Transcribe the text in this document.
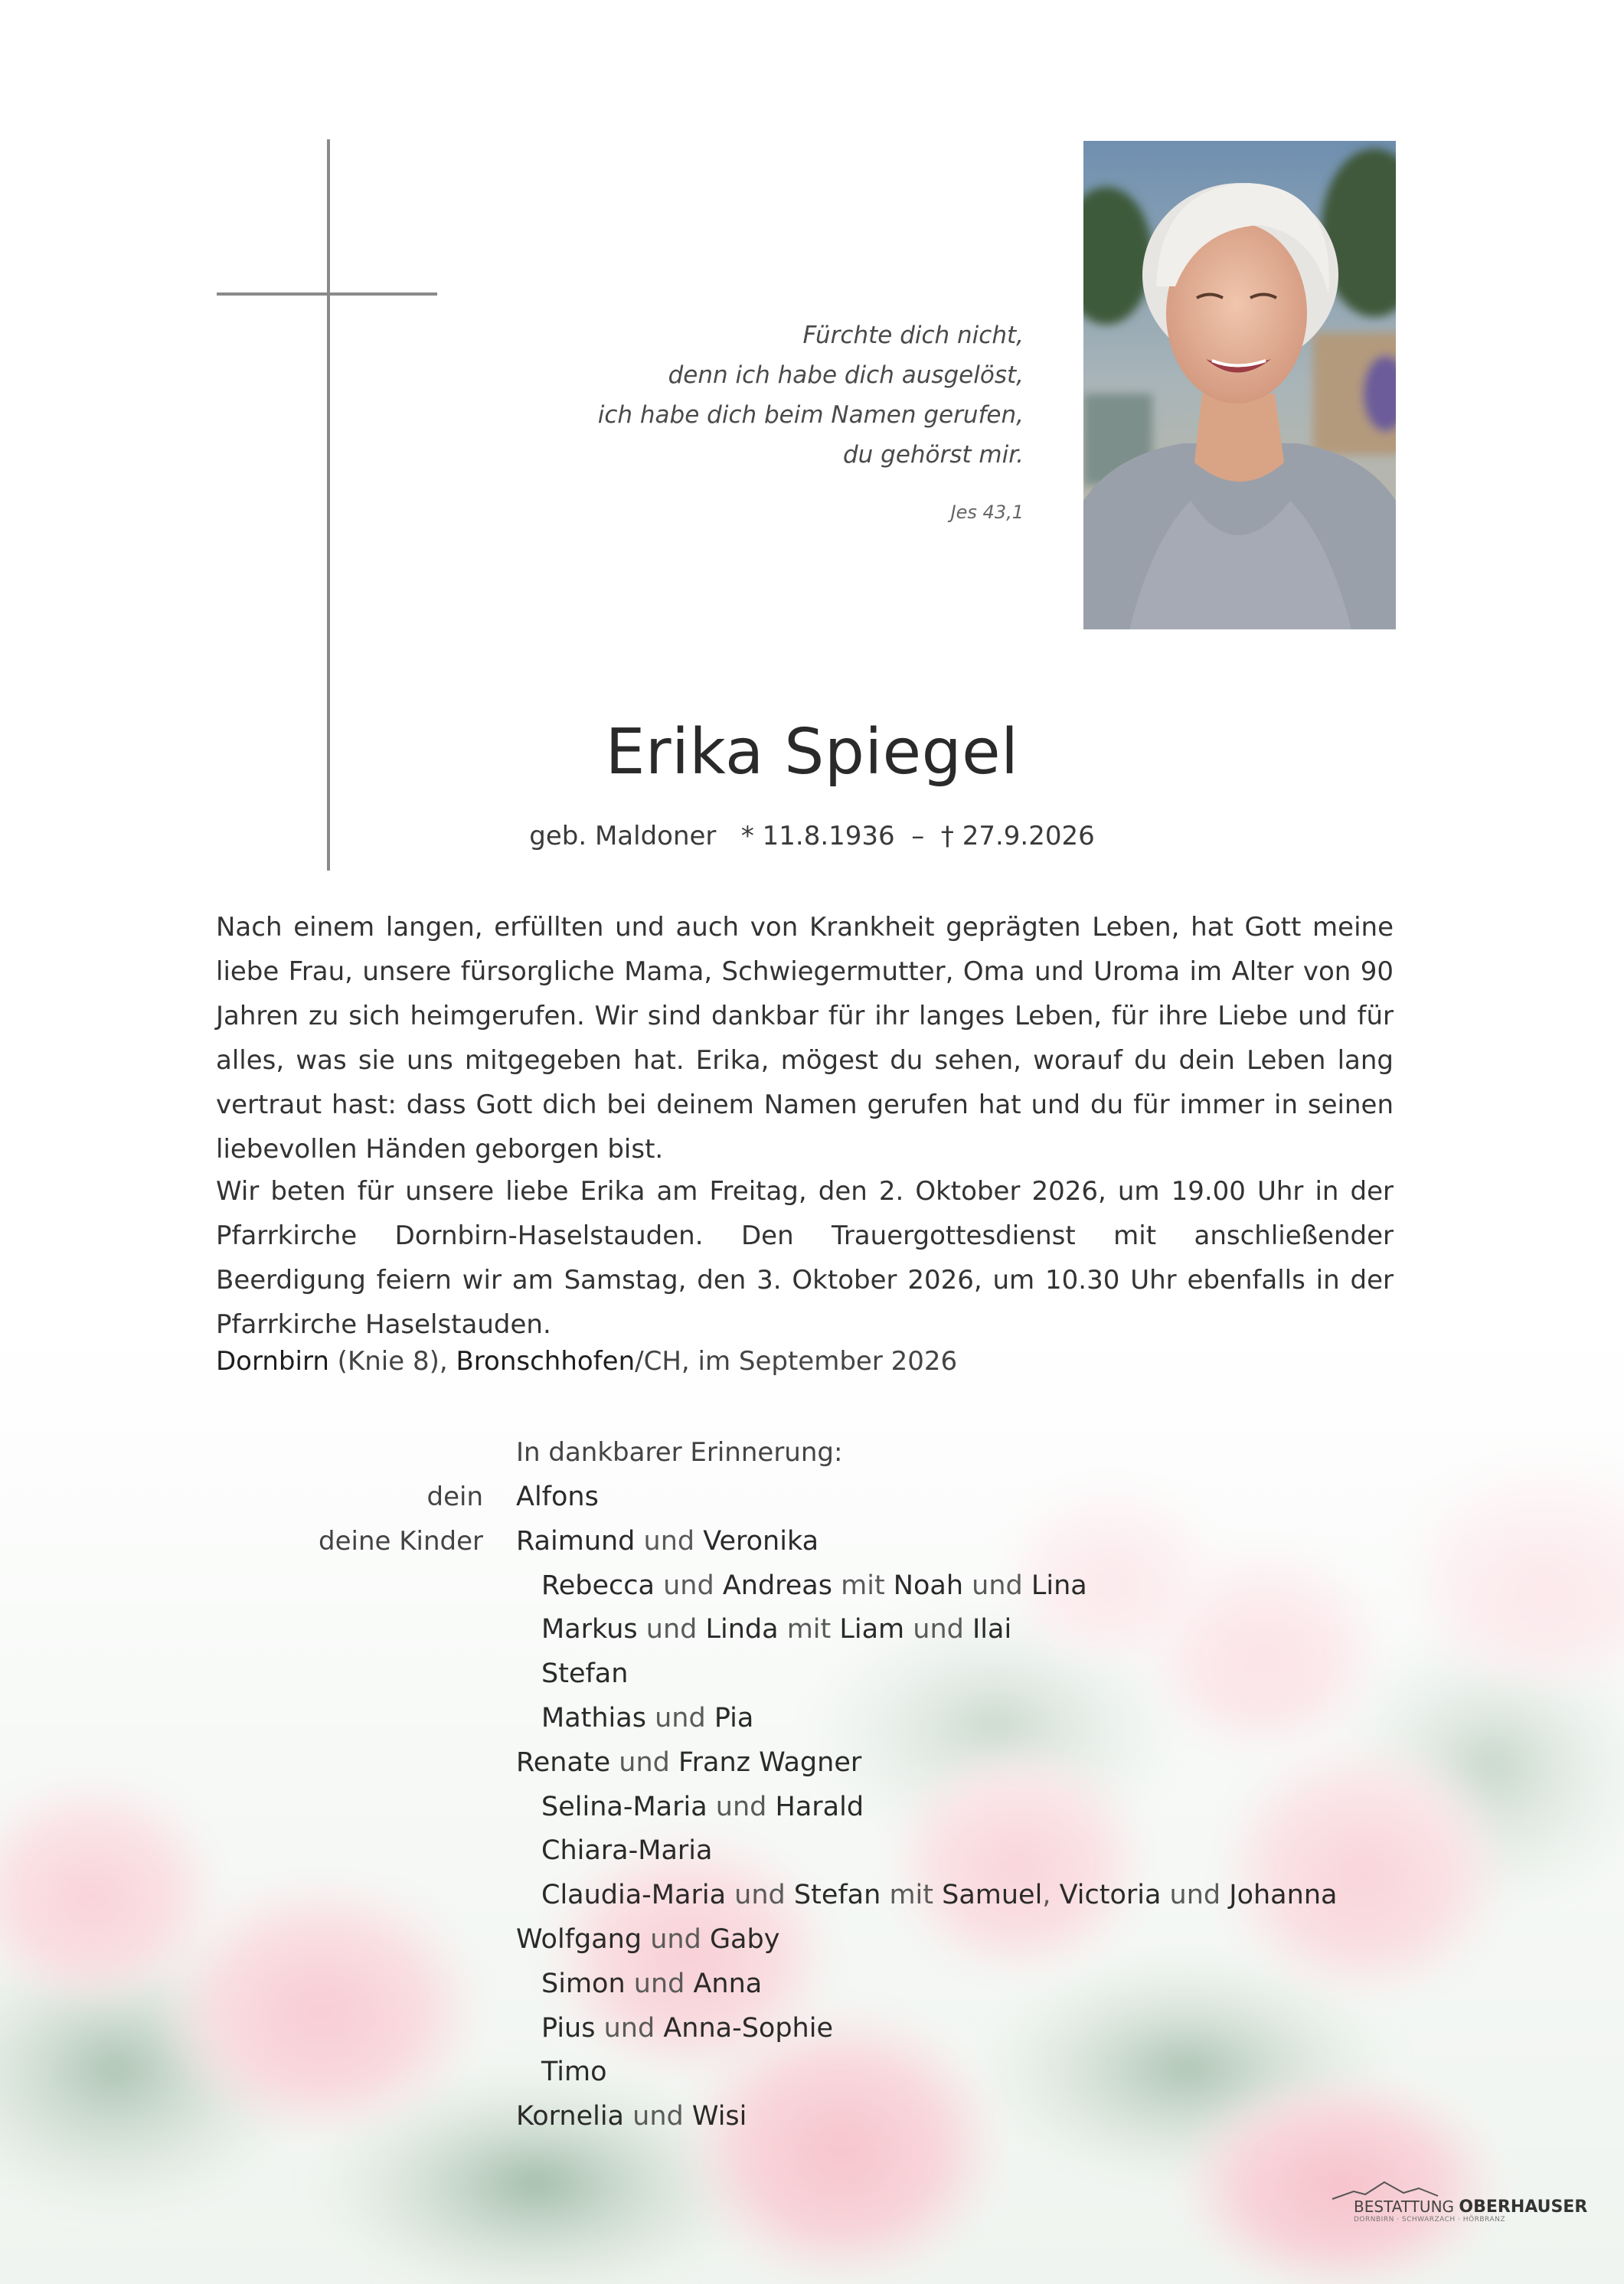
Fürchte dich nicht,
denn ich habe dich ausgelöst,
ich habe dich beim Namen gerufen,
du gehörst mir.
Jes 43,1
Erika Spiegel
geb. Maldoner   * 11.8.1936  –  † 27.9.2026
Nach einem langen, erfüllten und auch von Krankheit geprägten Leben, hat Gott meine liebe Frau, unsere fürsorgliche Mama, Schwiegermutter, Oma und Uroma im Alter von 90 Jahren zu sich heimgerufen. Wir sind dankbar für ihr langes Leben, für ihre Liebe und für alles, was sie uns mitgegeben hat. Erika, mögest du sehen, worauf du dein Leben lang vertraut hast: dass Gott dich bei deinem Namen gerufen hat und du für immer in seinen liebevollen Händen geborgen bist.
Wir beten für unsere liebe Erika am Freitag, den 2. Oktober 2026, um 19.00 Uhr in der Pfarrkirche Dornbirn-Haselstauden. Den Trauergottesdienst mit anschließender Beerdigung feiern wir am Samstag, den 3. Oktober 2026, um 10.30 Uhr ebenfalls in der Pfarrkirche Haselstauden.
Dornbirn (Knie 8), Bronschhofen/CH, im September 2026
In dankbarer Erinnerung:
dein
deine Kinder
Alfons
Raimund und Veronika
Rebecca und Andreas mit Noah und Lina
Markus und Linda mit Liam und Ilai
Stefan
Mathias und Pia
Renate und Franz Wagner
Selina-Maria und Harald
Chiara-Maria
Claudia-Maria und Stefan mit Samuel, Victoria und Johanna
Wolfgang und Gaby
Simon und Anna
Pius und Anna-Sophie
Timo
Kornelia und Wisi
BESTATTUNG OBERHAUSER
DORNBIRN · SCHWARZACH · HÖRBRANZ
